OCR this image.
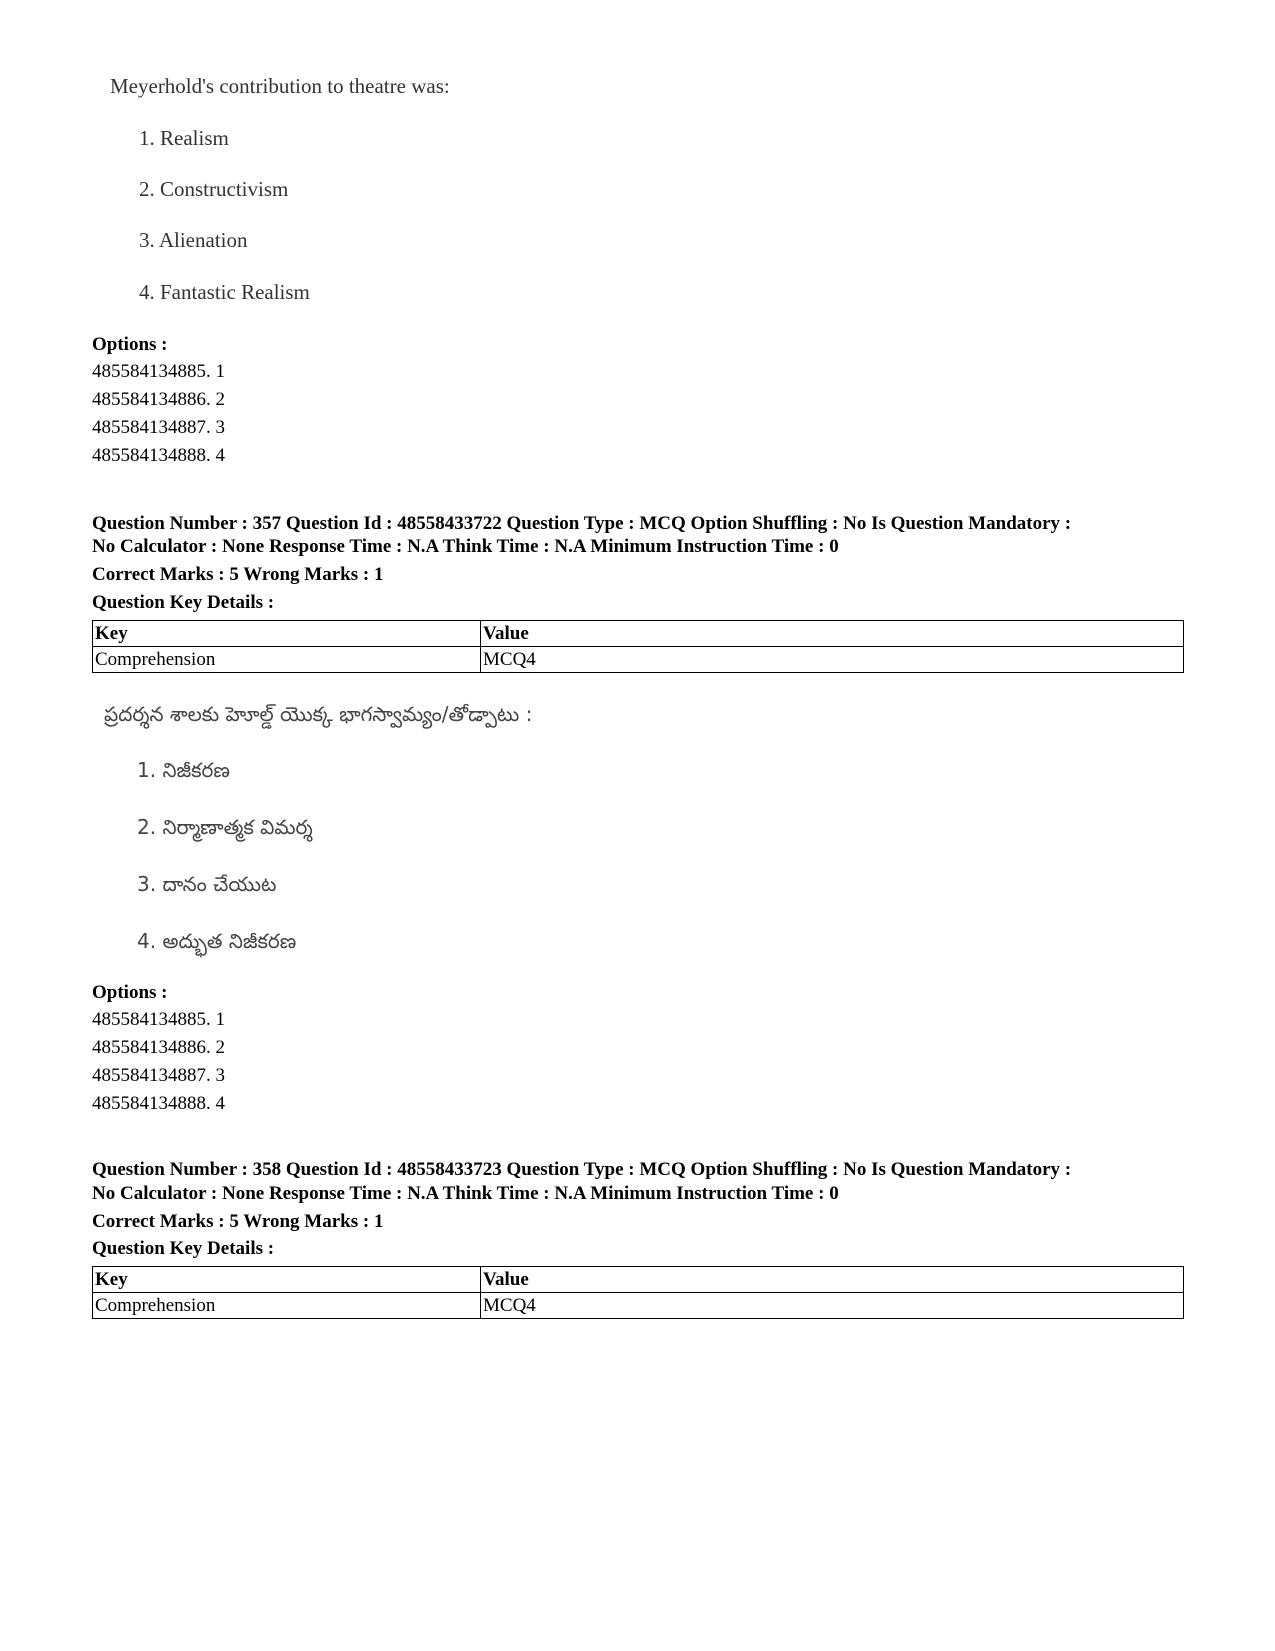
Meyerhold's contribution to theatre was:
1. Realism
2. Constructivism
3. Alienation
4. Fantastic Realism
Options :
485584134885. 1
485584134886. 2
485584134887. 3
485584134888. 4
Question Number : 357 Question Id : 48558433722 Question Type : MCQ Option Shuffling : No Is Question Mandatory :
No Calculator : None Response Time : N.A Think Time : N.A Minimum Instruction Time : 0
Correct Marks : 5 Wrong Marks : 1
Question Key Details :
Key	Value
Comprehension	MCQ4
ప్రదర్శన శాలకు హెూల్డ్ యొక్క భాగస్వామ్యం/తోడ్పాటు :
1. నిజీకరణ
2. నిర్మాణాత్మక విమర్శ
3. దానం చేయుట
4. అద్భుత నిజీకరణ
Options :
485584134885. 1
485584134886. 2
485584134887. 3
485584134888. 4
Question Number : 358 Question Id : 48558433723 Question Type : MCQ Option Shuffling : No Is Question Mandatory :
No Calculator : None Response Time : N.A Think Time : N.A Minimum Instruction Time : 0
Correct Marks : 5 Wrong Marks : 1
Question Key Details :
Key	Value
Comprehension	MCQ4
